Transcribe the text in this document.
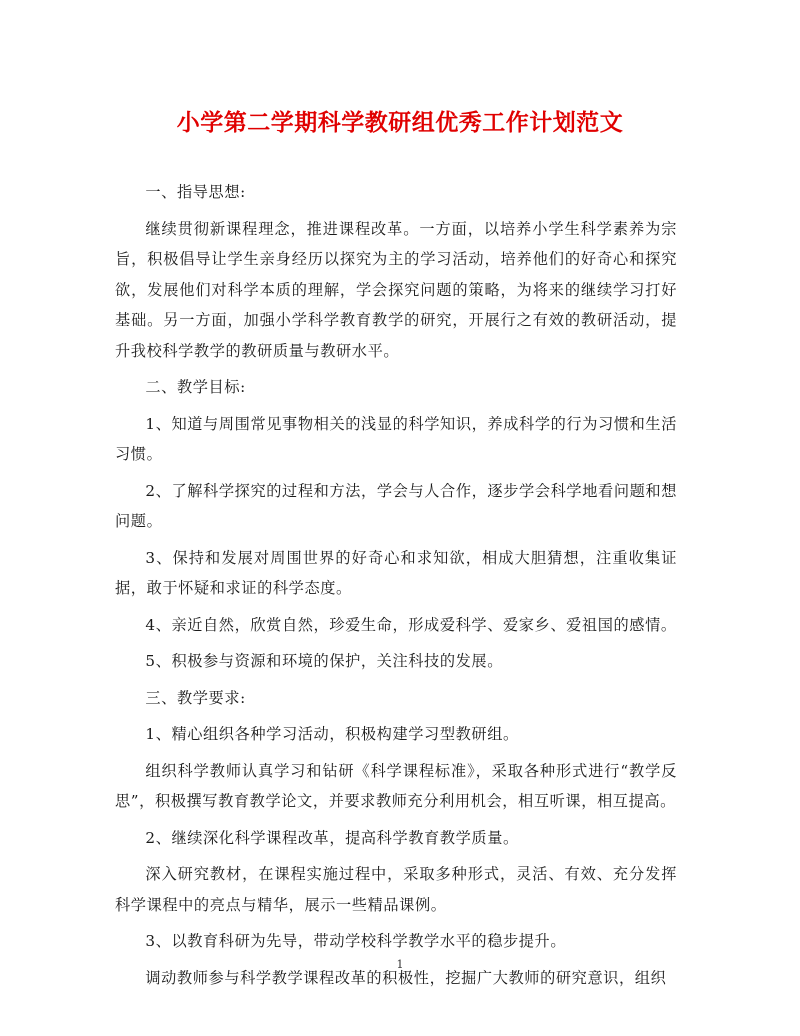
小学第二学期科学教研组优秀工作计划范文

一、指导思想:

继续贯彻新课程理念，推进课程改革。一方面，以培养小学生科学素养为宗旨，积极倡导让学生亲身经历以探究为主的学习活动，培养他们的好奇心和探究欲，发展他们对科学本质的理解，学会探究问题的策略，为将来的继续学习打好基础。另一方面，加强小学科学教育教学的研究，开展行之有效的教研活动，提升我校科学教学的教研质量与教研水平。

二、教学目标:

1、知道与周围常见事物相关的浅显的科学知识，养成科学的行为习惯和生活习惯。

2、了解科学探究的过程和方法，学会与人合作，逐步学会科学地看问题和想问题。

3、保持和发展对周围世界的好奇心和求知欲，相成大胆猜想，注重收集证据，敢于怀疑和求证的科学态度。

4、亲近自然，欣赏自然，珍爱生命，形成爱科学、爱家乡、爱祖国的感情。

5、积极参与资源和环境的保护，关注科技的发展。

三、教学要求:

1、精心组织各种学习活动，积极构建学习型教研组。

组织科学教师认真学习和钻研《科学课程标准》，采取各种形式进行“教学反思”，积极撰写教育教学论文，并要求教师充分利用机会，相互听课，相互提高。

2、继续深化科学课程改革，提高科学教育教学质量。

深入研究教材，在课程实施过程中，采取多种形式，灵活、有效、充分发挥科学课程中的亮点与精华，展示一些精品课例。

3、以教育科研为先导，带动学校科学教学水平的稳步提升。

调动教师参与科学教学课程改革的积极性，挖掘广大教师的研究意识，组织

1
